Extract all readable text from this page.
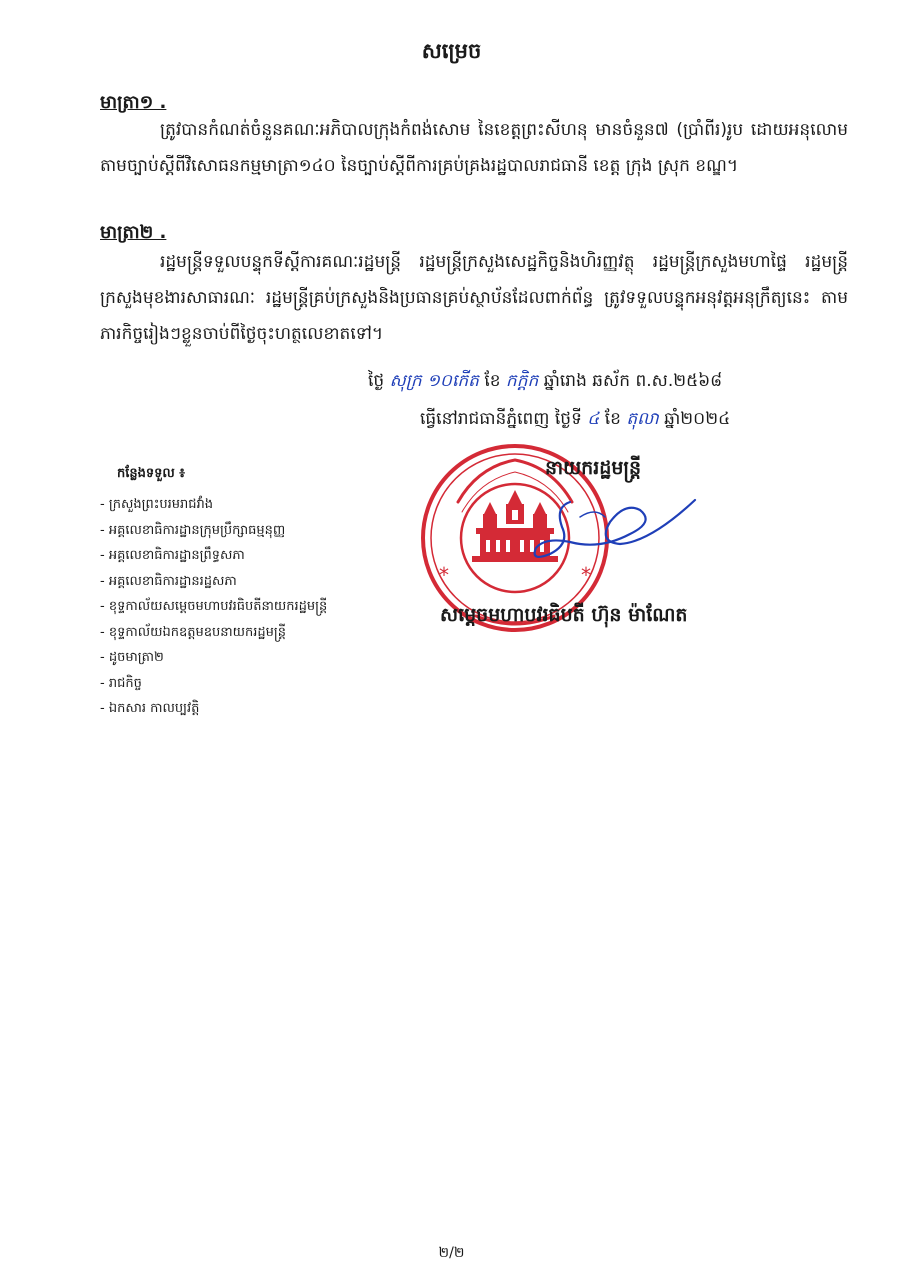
សម្រេច
មាត្រា១ .
ត្រូវបានកំណត់ចំនួនគណៈអភិបាលក្រុងកំពង់សោម នៃខេត្តព្រះសីហនុ មានចំនួន៧ (ប្រាំពីរ)រូប ដោយអនុលោមតាមច្បាប់ស្តីពីវិសោធនកម្មមាត្រា១៤០ នៃច្បាប់ស្តីពីការគ្រប់គ្រងរដ្ឋបាលរាជធានី ខេត្ត ក្រុង ស្រុក ខណ្ឌ។
មាត្រា២ .
រដ្ឋមន្ត្រីទទួលបន្ទុកទីស្តីការគណៈរដ្ឋមន្ត្រី រដ្ឋមន្ត្រីក្រសួងសេដ្ឋកិច្ចនិងហិរញ្ញវត្ថុ រដ្ឋមន្ត្រីក្រសួងមហាផ្ទៃ រដ្ឋមន្ត្រីក្រសួងមុខងារសាធារណៈ រដ្ឋមន្ត្រីគ្រប់ក្រសួងនិងប្រធានគ្រប់ស្ថាប័នដែលពាក់ព័ន្ធ ត្រូវទទួលបន្ទុកអនុវត្តអនុក្រឹត្យនេះ តាមភារកិច្ចរៀងៗខ្លួនចាប់ពីថ្ងៃចុះហត្ថលេខាតទៅ។
ថ្ងៃ សុក្រ ១០កើត ខែ កក្ដិក ឆ្នាំរោង ឆស័ក ព.ស.២៥៦៨
ធ្វើនៅរាជធានីភ្នំពេញ ថ្ងៃទី ៤ ខែ តុលា ឆ្នាំ២០២៤
កន្លែងទទួល ៖
- ក្រសួងព្រះបរមរាជវាំង
- អគ្គលេខាធិការដ្ឋានក្រុមប្រឹក្សាធម្មនុញ្ញ
- អគ្គលេខាធិការដ្ឋានព្រឹទ្ធសភា
- អគ្គលេខាធិការដ្ឋានរដ្ឋសភា
- ខុទ្ទកាល័យសម្តេចមហាបវរធិបតីនាយករដ្ឋមន្ត្រី
- ខុទ្ទកាល័យឯកឧត្តមឧបនាយករដ្ឋមន្ត្រី
- ដូចមាត្រា២
- រាជកិច្ច
- ឯកសារ កាលប្បវត្តិ
*	*
នាយករដ្ឋមន្ត្រី
សម្តេចមហាបវរធិបតី ហ៊ុន ម៉ាណែត
២/២
